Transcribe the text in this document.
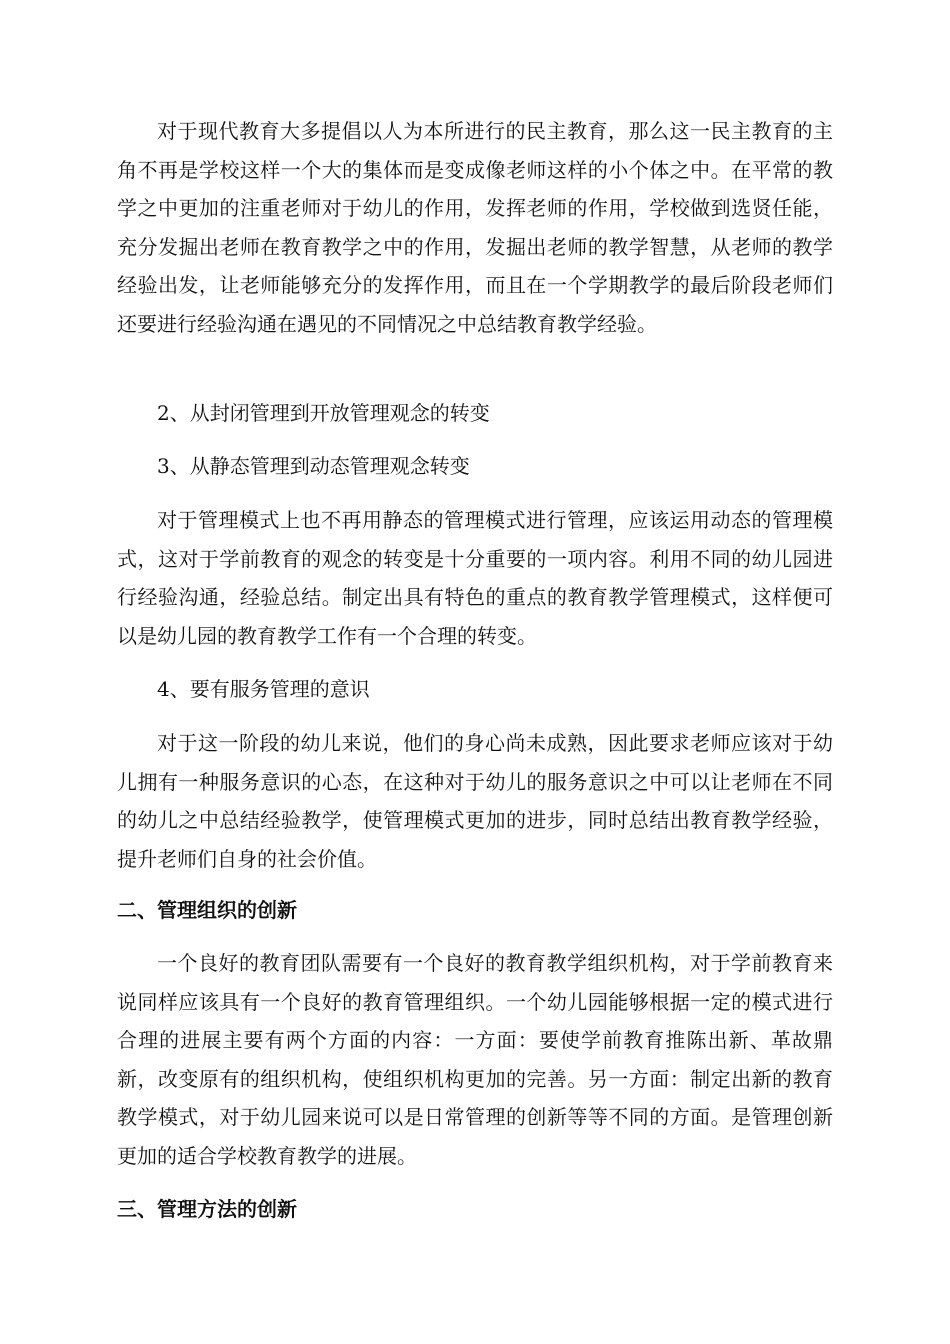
对于现代教育大多提倡以人为本所进行的民主教育，那么这一民主教育的主角不再是学校这样一个大的集体而是变成像老师这样的小个体之中。在平常的教学之中更加的注重老师对于幼儿的作用，发挥老师的作用，学校做到选贤任能，充分发掘出老师在教育教学之中的作用，发掘出老师的教学智慧，从老师的教学经验出发，让老师能够充分的发挥作用，而且在一个学期教学的最后阶段老师们还要进行经验沟通在遇见的不同情况之中总结教育教学经验。

2、从封闭管理到开放管理观念的转变

3、从静态管理到动态管理观念转变

对于管理模式上也不再用静态的管理模式进行管理，应该运用动态的管理模式，这对于学前教育的观念的转变是十分重要的一项内容。利用不同的幼儿园进行经验沟通，经验总结。制定出具有特色的重点的教育教学管理模式，这样便可以是幼儿园的教育教学工作有一个合理的转变。

4、要有服务管理的意识

对于这一阶段的幼儿来说，他们的身心尚未成熟，因此要求老师应该对于幼儿拥有一种服务意识的心态，在这种对于幼儿的服务意识之中可以让老师在不同的幼儿之中总结经验教学，使管理模式更加的进步，同时总结出教育教学经验，提升老师们自身的社会价值。

二、管理组织的创新

一个良好的教育团队需要有一个良好的教育教学组织机构，对于学前教育来说同样应该具有一个良好的教育管理组织。一个幼儿园能够根据一定的模式进行合理的进展主要有两个方面的内容：一方面：要使学前教育推陈出新、革故鼎新，改变原有的组织机构，使组织机构更加的完善。另一方面：制定出新的教育教学模式，对于幼儿园来说可以是日常管理的创新等等不同的方面。是管理创新更加的适合学校教育教学的进展。

三、管理方法的创新
